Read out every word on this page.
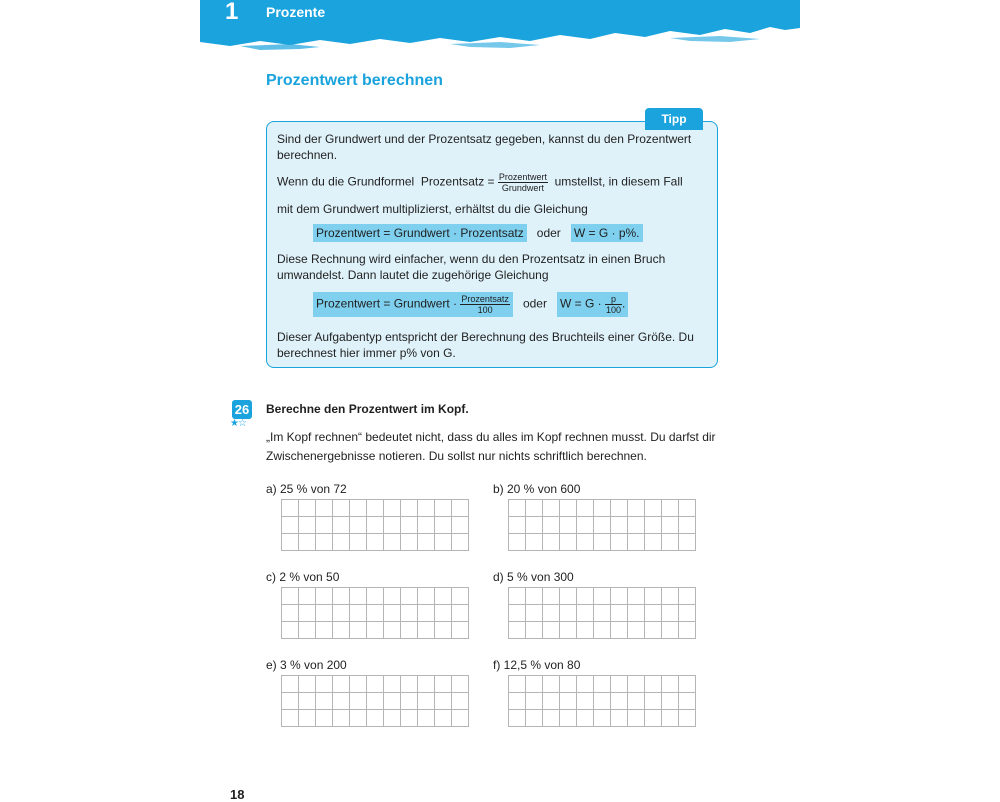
1 Prozente
Prozentwert berechnen
Tipp
Sind der Grundwert und der Prozentsatz gegeben, kannst du den Prozentwert berechnen.
Wenn du die Grundformel Prozentsatz = $\frac{\text{Prozentwert}}{\text{Grundwert}}$ umstellst, in diesem Fall
mit dem Grundwert multiplizierst, erhältst du die Gleichung
Prozentwert = Grundwert · Prozentsatz oder W = G · p%.
Diese Rechnung wird einfacher, wenn du den Prozentsatz in einen Bruch umwandelst. Dann lautet die zugehörige Gleichung
Prozentwert = Grundwert · $\frac{\text{Prozentsatz}}{100}$ oder $W = G \cdot \frac{p}{100}$ .
Dieser Aufgabentyp entspricht der Berechnung des Bruchteils einer Größe. Du berechnest hier immer p% von G.
26
★☆
Berechne den Prozentwert im Kopf.
„Im Kopf rechnen“ bedeutet nicht, dass du alles im Kopf rechnen musst. Du darfst dir Zwischenergebnisse notieren. Du sollst nur nichts schriftlich berechnen.
a) 25 % von 72	b) 20 % von 600
c) 2 % von 50	d) 5 % von 300
e) 3 % von 200	f) 12,5 % von 80

18
